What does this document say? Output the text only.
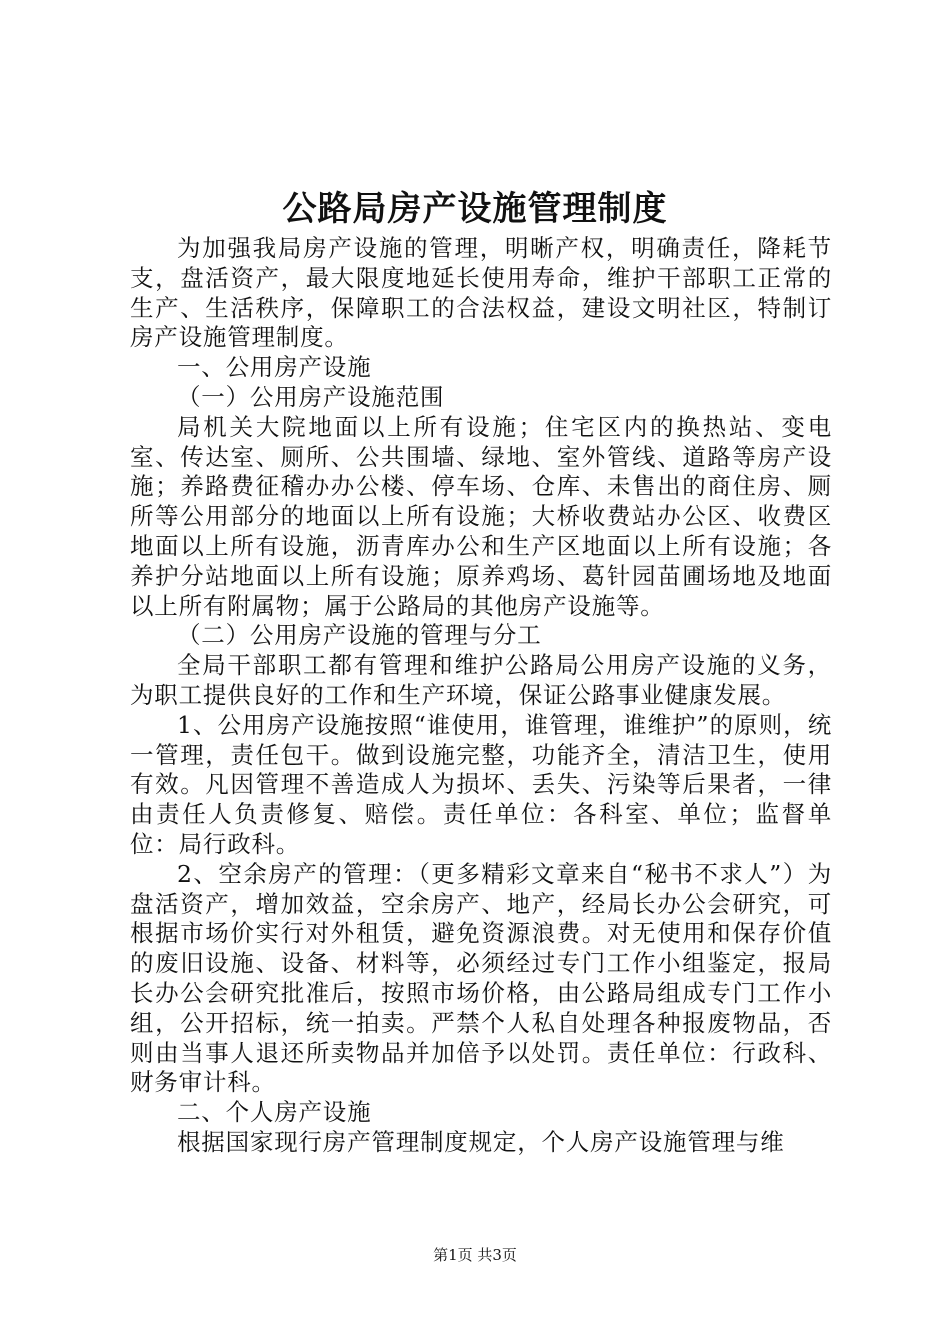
公路局房产设施管理制度

为加强我局房产设施的管理，明晰产权，明确责任，降耗节支，盘活资产，最大限度地延长使用寿命，维护干部职工正常的生产、生活秩序，保障职工的合法权益，建设文明社区，特制订房产设施管理制度。

一、公用房产设施

（一）公用房产设施范围

局机关大院地面以上所有设施；住宅区内的换热站、变电室、传达室、厕所、公共围墙、绿地、室外管线、道路等房产设施；养路费征稽办办公楼、停车场、仓库、未售出的商住房、厕所等公用部分的地面以上所有设施；大桥收费站办公区、收费区地面以上所有设施，沥青库办公和生产区地面以上所有设施；各养护分站地面以上所有设施；原养鸡场、葛针园苗圃场地及地面以上所有附属物；属于公路局的其他房产设施等。

（二）公用房产设施的管理与分工

全局干部职工都有管理和维护公路局公用房产设施的义务，为职工提供良好的工作和生产环境，保证公路事业健康发展。

1、公用房产设施按照“谁使用，谁管理，谁维护”的原则，统一管理，责任包干。做到设施完整，功能齐全，清洁卫生，使用有效。凡因管理不善造成人为损坏、丢失、污染等后果者，一律由责任人负责修复、赔偿。责任单位：各科室、单位；监督单位：局行政科。

2、空余房产的管理：（更多精彩文章来自“秘书不求人”）为盘活资产，增加效益，空余房产、地产，经局长办公会研究，可根据市场价实行对外租赁，避免资源浪费。对无使用和保存价值的废旧设施、设备、材料等，必须经过专门工作小组鉴定，报局长办公会研究批准后，按照市场价格，由公路局组成专门工作小组，公开招标，统一拍卖。严禁个人私自处理各种报废物品，否则由当事人退还所卖物品并加倍予以处罚。责任单位：行政科、财务审计科。

二、个人房产设施

根据国家现行房产管理制度规定，个人房产设施管理与维

第1页 共3页
